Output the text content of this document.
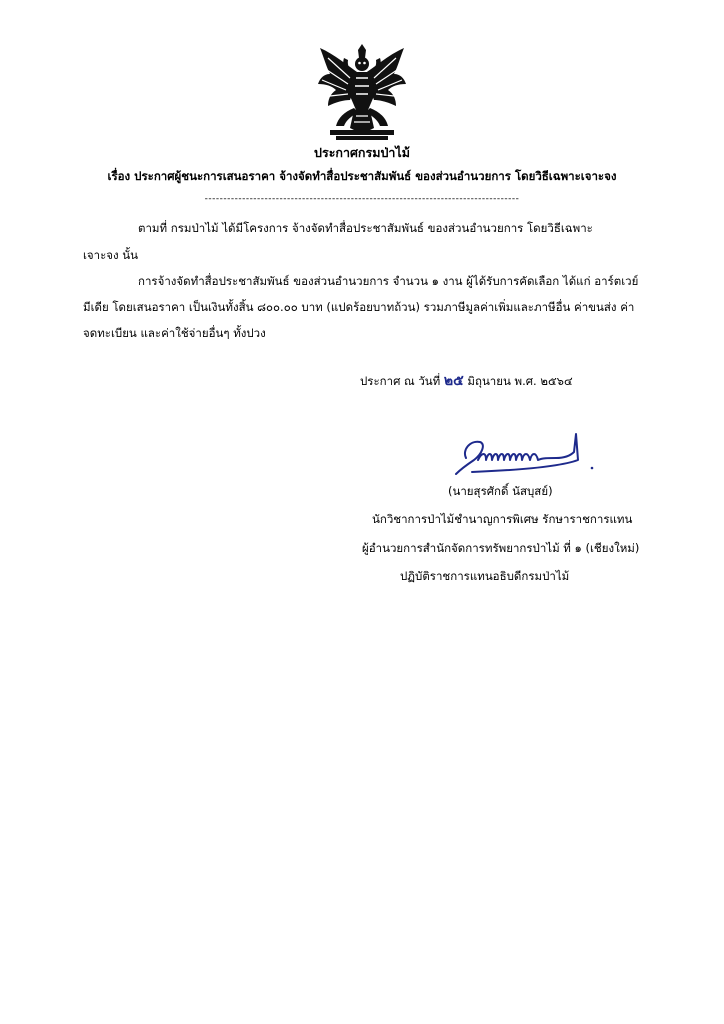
ประกาศกรมป่าไม้
เรื่อง ประกาศผู้ชนะการเสนอราคา จ้างจัดทำสื่อประชาสัมพันธ์ ของส่วนอำนวยการ โดยวิธีเฉพาะเจาะจง
------------------------------------------------------------------------------------
ตามที่ กรมป่าไม้ ได้มีโครงการ จ้างจัดทำสื่อประชาสัมพันธ์ ของส่วนอำนวยการ โดยวิธีเฉพาะ
เจาะจง นั้น
การจ้างจัดทำสื่อประชาสัมพันธ์ ของส่วนอำนวยการ จำนวน ๑ งาน ผู้ได้รับการคัดเลือก ได้แก่ อาร์ตเวย์
มีเดีย โดยเสนอราคา เป็นเงินทั้งสิ้น ๘๐๐.๐๐ บาท (แปดร้อยบาทถ้วน) รวมภาษีมูลค่าเพิ่มและภาษีอื่น ค่าขนส่ง ค่า
จดทะเบียน และค่าใช้จ่ายอื่นๆ ทั้งปวง
ประกาศ ณ วันที่ ๒๕ มิถุนายน พ.ศ. ๒๕๖๔
(นายสุรศักดิ์ นัสบุสย์)
นักวิชาการป่าไม้ชำนาญการพิเศษ รักษาราชการแทน
ผู้อำนวยการสำนักจัดการทรัพยากรป่าไม้ ที่ ๑ (เชียงใหม่)
ปฏิบัติราชการแทนอธิบดีกรมป่าไม้
